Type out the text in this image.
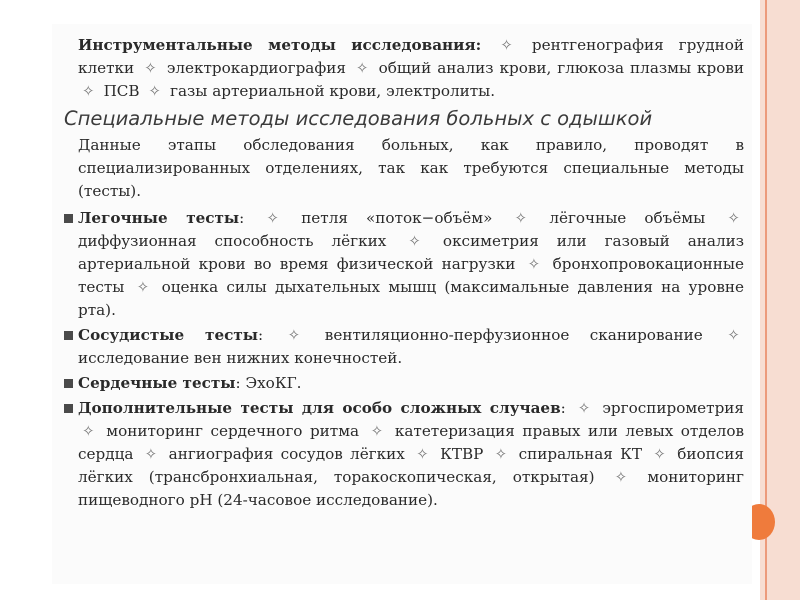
Инструментальные методы исследования: ✧ рентгенография грудной клетки ✧ электрокардиография ✧ общий анализ крови, глюкоза плазмы крови ✧ ПСВ ✧ газы артериальной крови, электролиты.

Специальные методы исследования больных с одышкой

Данные этапы обследования больных, как правило, проводят в специализированных отделениях, так как требуются специальные методы (тесты).

Легочные тесты: ✧ петля «поток−объём» ✧ лёгочные объёмы ✧ диффузионная способность лёгких ✧ оксиметрия или газовый анализ артериальной крови во время физической нагрузки ✧ бронхопровокационные тесты ✧ оценка силы дыхательных мышц (максимальные давления на уровне рта).

Сосудистые тесты: ✧ вентиляционно-перфузионное сканирование ✧ исследование вен нижних конечностей.

Сердечные тесты: ЭхоКГ.

Дополнительные тесты для особо сложных случаев: ✧ эргоспирометрия ✧ мониторинг сердечного ритма ✧ катетеризация правых или левых отделов сердца ✧ ангиография сосудов лёгких ✧ КТВР ✧ спиральная КТ ✧ биопсия лёгких (трансбронхиальная, торакоскопическая, открытая) ✧ мониторинг пищеводного рН (24-часовое исследование).
